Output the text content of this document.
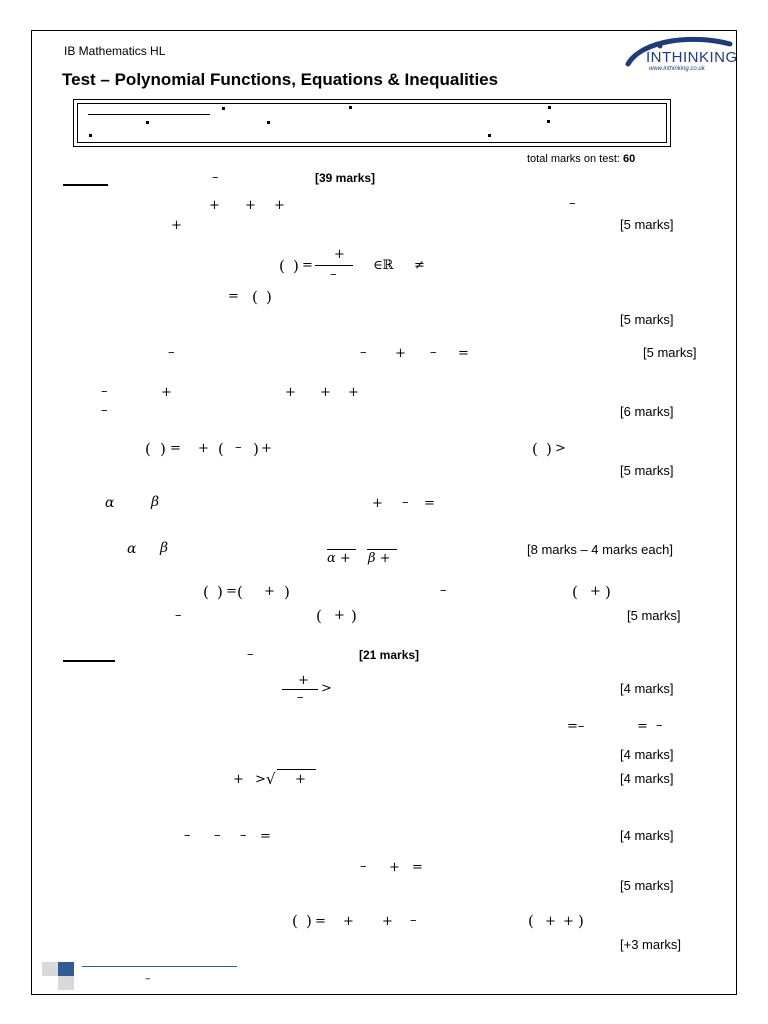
IB Mathematics HL
Test – Polynomial Functions, Equations & Inequalities
INTHINKING
www.inthinking.co.uk
total marks on test: 60
–	[39 marks]
+ + +	–
+	[5 marks]
( ) =
+
–
∈ℝ ≠
= ( )
[5 marks]
–	– + – =	[5 marks]
–	+	+ + +
–	[6 marks]
( ) = + ( – ) +	( ) >
[5 marks]
α	β	+ – =
α β
α + β +
[8 marks – 4 marks each]
( ) = ( + )	–	( + )
–	( + )	[5 marks]
–	[21 marks]
+
–
>	[4 marks]
=–	= –
[4 marks]
+ > √ +	[4 marks]
– – – =	[4 marks]
– + =
[5 marks]
( ) = + + –	( + + )
[+3 marks]
–
